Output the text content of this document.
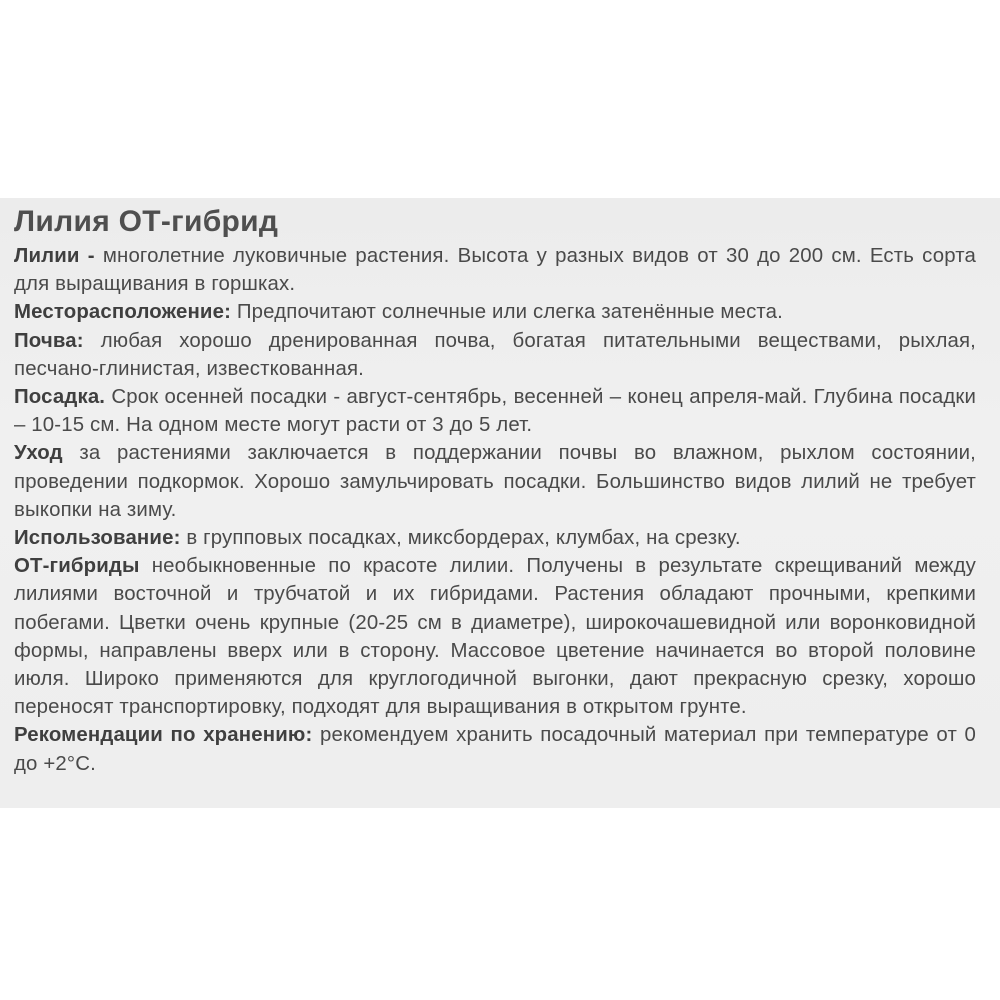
Лилия ОТ-гибрид

Лилии - многолетние луковичные растения. Высота у разных видов от 30 до 200 см. Есть сорта для выращивания в горшках.

Месторасположение: Предпочитают солнечные или слегка затенённые места.

Почва: любая хорошо дренированная почва, богатая питательными веществами, рыхлая, песчано-глинистая, известкованная.

Посадка. Срок осенней посадки - август-сентябрь, весенней – конец апреля-май. Глубина посадки – 10-15 см. На одном месте могут расти от 3 до 5 лет.

Уход за растениями заключается в поддержании почвы во влажном, рыхлом состоянии, проведении подкормок. Хорошо замульчировать посадки. Большинство видов лилий не требует выкопки на зиму.

Использование: в групповых посадках, миксбордерах, клумбах, на срезку.

ОТ-гибриды необыкновенные по красоте лилии. Получены в результате скрещиваний между лилиями восточной и трубчатой и их гибридами. Растения обладают прочными, крепкими побегами. Цветки очень крупные (20-25 см в диаметре), широкочашевидной или воронковидной формы, направлены вверх или в сторону. Массовое цветение начинается во второй половине июля. Широко применяются для круглогодичной выгонки, дают прекрасную срезку, хорошо переносят транспортировку, подходят для выращивания в открытом грунте.

Рекомендации по хранению: рекомендуем хранить посадочный материал при температуре от 0 до +2°С.
